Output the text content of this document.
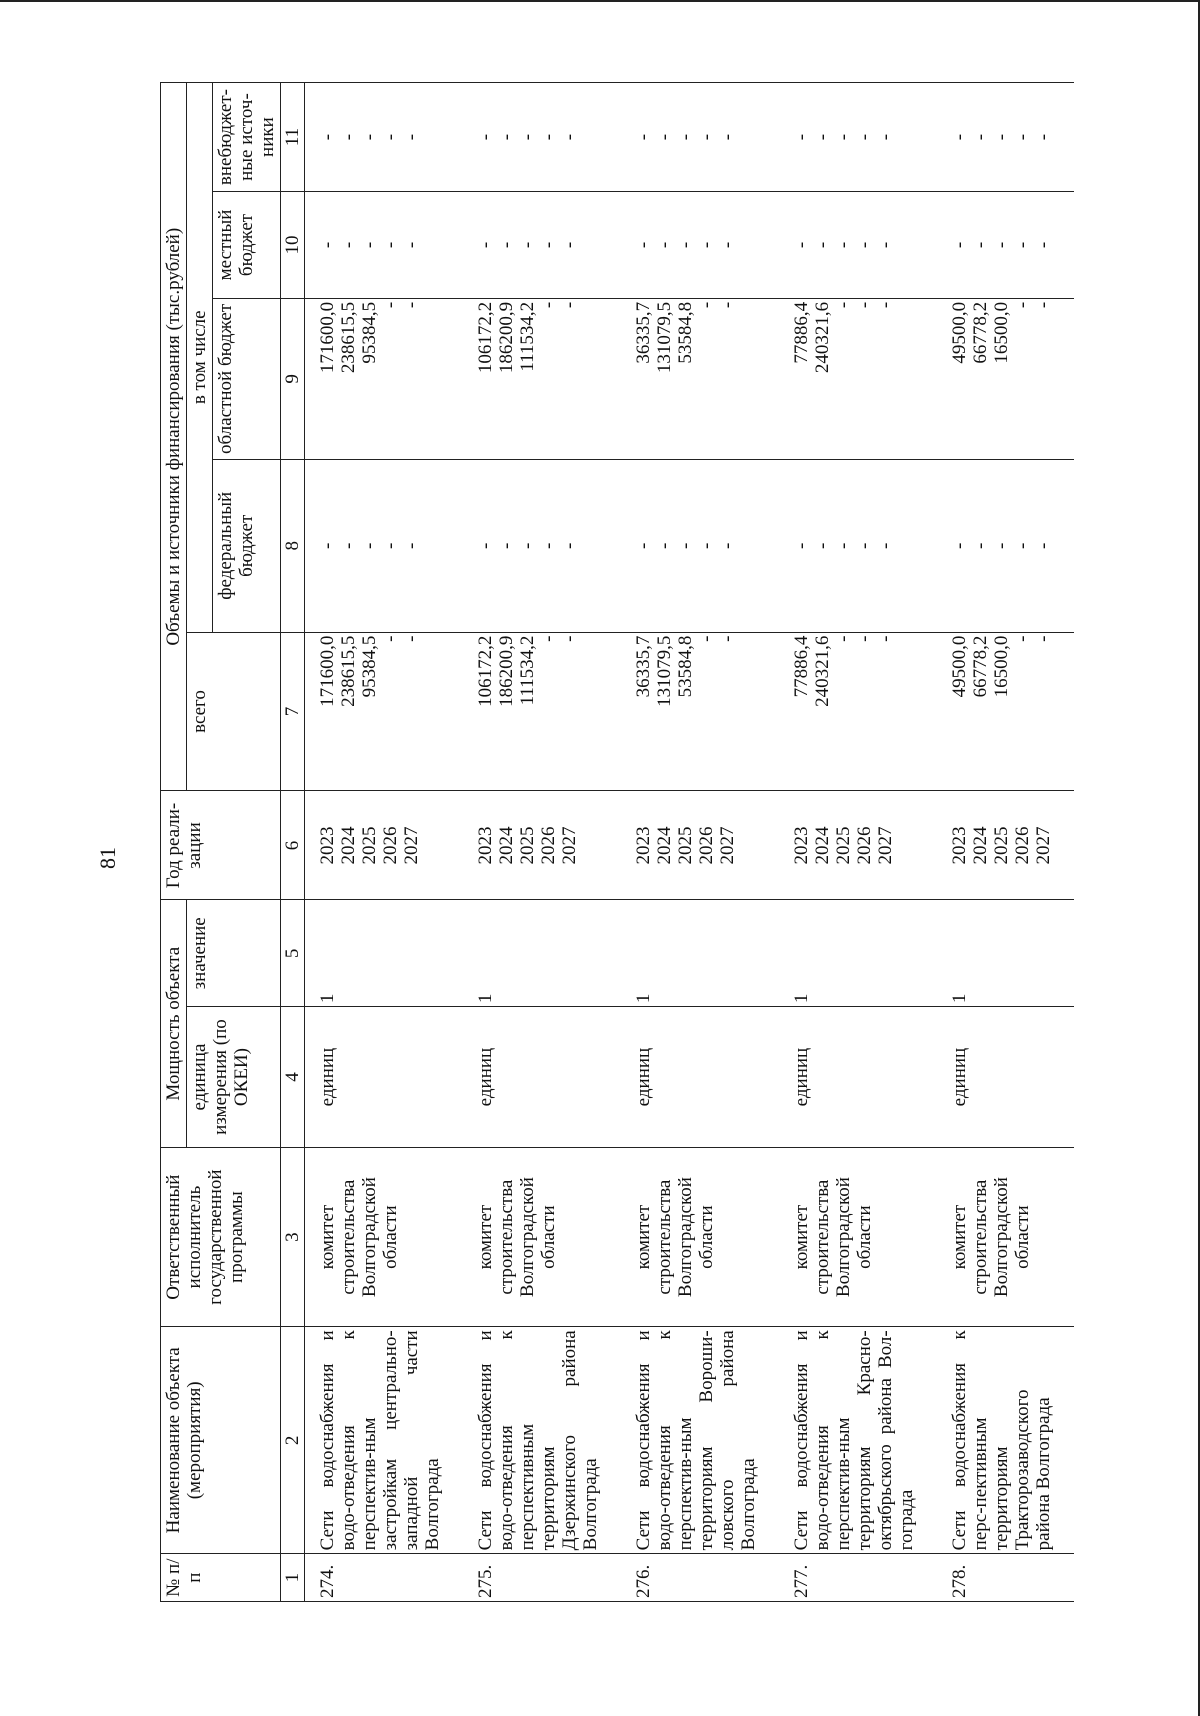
81
№ п/п	Наименование объекта (мероприятия)	Ответственный исполнитель государственной программы	Мощность объекта		Год реали- зации	Объемы и источники финансирования (тыс.рублей)				
			единица измерения (по ОКЕИ)	значение		всего	в том числе			
							федеральный бюджет	областной бюджет	местный бюджет	внебюджет- ные источ- ники
1	2	3	4	5	6	7	8	9	10	11
274.	Сети водоснабжения и водо-отведения к перспектив-ным застройкам центрально-западной части Волгограда	комитет строительства Волгоградской области	единиц	1	2023 2024 2025 2026 2027	171600,0 238615,5 95384,5 - -	- - - - -	171600,0 238615,5 95384,5 - -	- - - - -	- - - - -

275.	Сети водоснабжения и водо-отведения к перспективным территориям Дзержинского района Волгограда	комитет строительства Волгоградской области	единиц	1	2023 2024 2025 2026 2027	106172,2 186200,9 111534,2 - -	- - - - -	106172,2 186200,9 111534,2 - -	- - - - -	- - - - -

276.	Сети водоснабжения и водо-отведения к перспектив-ным территориям Вороши-ловского района Волгограда	комитет строительства Волгоградской области	единиц	1	2023 2024 2025 2026 2027	36335,7 131079,5 53584,8 - -	- - - - -	36335,7 131079,5 53584,8 - -	- - - - -	- - - - -

277.	Сети водоснабжения и водо-отведения к перспектив-ным территориям Красно-октябрьского района Вол-гограда	комитет строительства Волгоградской области	единиц	1	2023 2024 2025 2026 2027	77886,4 240321,6 - - -	- - - - -	77886,4 240321,6 - - -	- - - - -	- - - - -

278.	Сети водоснабжения к перс-пективным территориям Тракторозаводского района Волгограда	комитет строительства Волгоградской области	единиц	1	2023 2024 2025 2026 2027	49500,0 66778,2 16500,0 - -	- - - - -	49500,0 66778,2 16500,0 - -	- - - - -	- - - - -
